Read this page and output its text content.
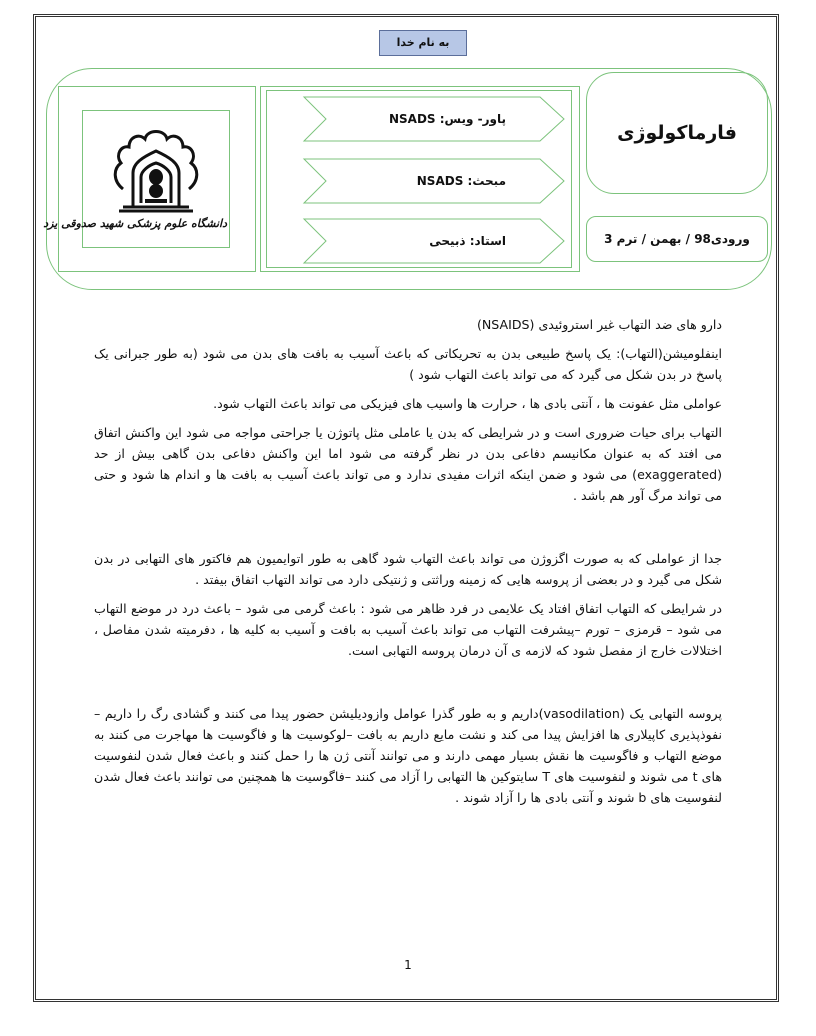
به نام خدا
دانشگاه علوم پزشکی شهید صدوقی یزد
پاور- ویس: NSADS
مبحث: NSADS
استاد: ذبیحی
فارماکولوژی
ورودی98 / بهمن / ترم 3

دارو های ضد التهاب غیر استروئیدی (NSAIDS)

اینفلومیشن(التهاب): یک پاسخ طبیعی بدن به تحریکاتی که باعث آسیب به بافت های بدن می شود (به طور جبرانی یک پاسخ در بدن شکل می گیرد که می تواند باعث التهاب شود )

عواملی مثل عفونت ها ، آنتی بادی ها ، حرارت ها واسیب های فیزیکی می تواند باعث التهاب شود.

التهاب برای حیات ضروری است و در شرایطی که بدن یا عاملی مثل پاتوژن یا جراحتی مواجه می شود این واکنش اتفاق می افتد که به عنوان مکانیسم دفاعی بدن در نظر گرفته می شود اما این واکنش دفاعی بدن گاهی بیش از حد (exaggerated) می شود و ضمن اینکه اثرات مفیدی ندارد و می تواند باعث آسیب به بافت ها و اندام ها شود و حتی می تواند مرگ آور هم باشد .

جدا از عواملی که به صورت اگزوژن می تواند باعث التهاب شود گاهی به طور اتوایمیون هم فاکتور های التهابی در بدن شکل می گیرد و در بعضی از پروسه هایی که زمینه وراثتی و ژنتیکی دارد می تواند التهاب اتفاق بیفتد .

در شرایطی که التهاب اتفاق افتاد یک علایمی در فرد ظاهر می شود : باعث گرمی می شود – باعث درد در موضع التهاب می شود – قرمزی – تورم –پیشرفت التهاب می تواند باعث آسیب به بافت و آسیب به کلیه ها ، دفرمیته شدن مفاصل ، اختلالات خارج از مفصل شود که لازمه ی آن درمان پروسه التهابی است.

پروسه التهابی یک (vasodilation)داریم و به طور گذرا عوامل وازودیلیشن حضور پیدا می کنند و گشادی رگ را داریم – نفوذپذیری کاپیلاری ها افزایش پیدا می کند و نشت مایع داریم به بافت –لوکوسیت ها و فاگوسیت ها مهاجرت می کنند به موضع التهاب و فاگوسیت ها نقش بسیار مهمی دارند و می توانند آنتی ژن ها را حمل کنند و باعث فعال شدن لنفوسیت های t می شوند و لنفوسیت های T سایتوکین ها التهابی را آزاد می کنند –فاگوسیت ها همچنین می توانند باعث فعال شدن لنفوسیت های b شوند و آنتی بادی ها را آزاد شوند .

1
